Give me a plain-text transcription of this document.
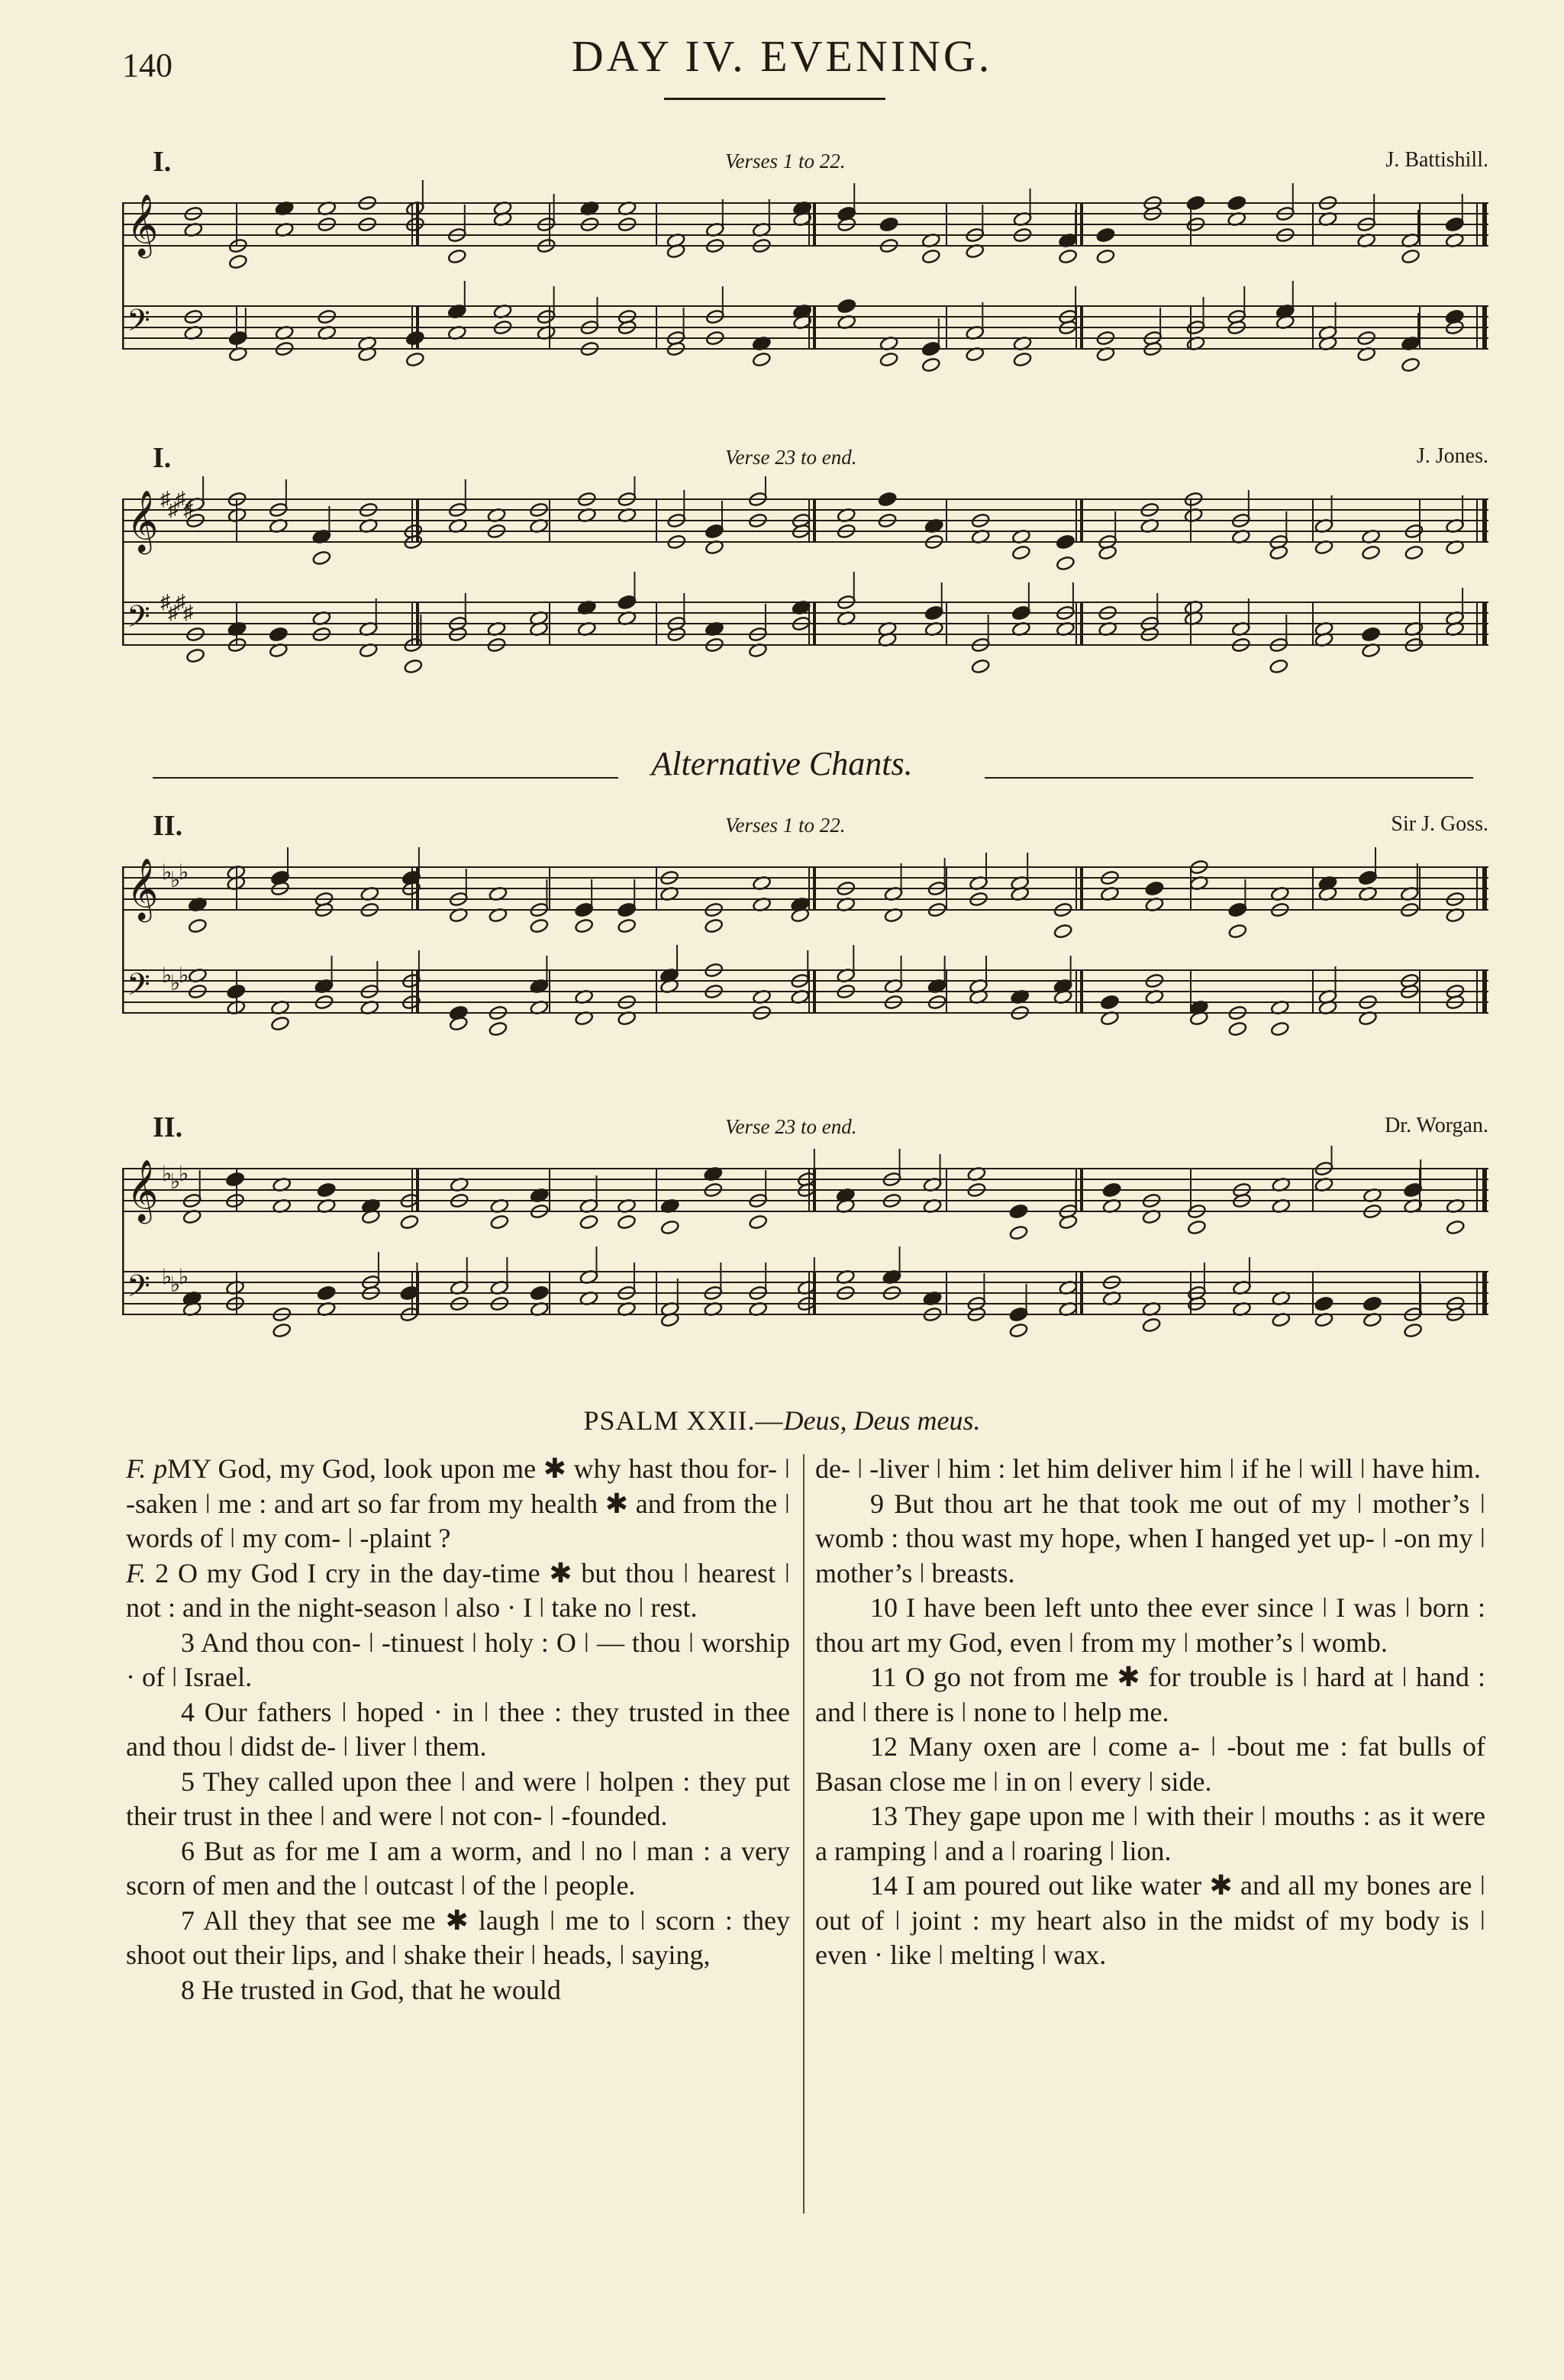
140	DAY IV. EVENING.
I.	Verses 1 to 22.	J. Battishill.
𝄞
𝄢
I.	Verse 23 to end.	J. Jones.
𝄞 ♯
♯
♯
♯
𝄢 ♯
♯
♯
♯
Alternative Chants.
II.	Verses 1 to 22.	Sir J. Goss.
𝄞 ♭
♭
♭
𝄢 ♭
♭
♭
II.	Verse 23 to end.	Dr. Worgan.
𝄞 ♭
♭
♭
𝄢 ♭
♭
♭
PSALM XXII.—Deus, Deus meus.

F. pMY God, my God, look upon me ✱ why hast thou for- ǀ -saken ǀ me : and art so far from my health ✱ and from the ǀ words of ǀ my com- ǀ -plaint ?

F. 2 O my God I cry in the day-time ✱ but thou ǀ hearest ǀ not : and in the night-season ǀ also · I ǀ take no ǀ rest.

3 And thou con- ǀ -tinuest ǀ holy : O ǀ — thou ǀ worship · of ǀ Israel.

4 Our fathers ǀ hoped · in ǀ thee : they trusted in thee and thou ǀ didst de- ǀ liver ǀ them.

5 They called upon thee ǀ and were ǀ holpen : they put their trust in thee ǀ and were ǀ not con- ǀ -founded.

6 But as for me I am a worm, and ǀ no ǀ man : a very scorn of men and the ǀ outcast ǀ of the ǀ people.

7 All they that see me ✱ laugh ǀ me to ǀ scorn : they shoot out their lips, and ǀ shake their ǀ heads, ǀ saying,

8 He trusted in God, that he would

de- ǀ -liver ǀ him : let him deliver him ǀ if he ǀ will ǀ have him.

9 But thou art he that took me out of my ǀ mother’s ǀ womb : thou wast my hope, when I hanged yet up- ǀ -on my ǀ mother’s ǀ breasts.

10 I have been left unto thee ever since ǀ I was ǀ born : thou art my God, even ǀ from my ǀ mother’s ǀ womb.

11 O go not from me ✱ for trouble is ǀ hard at ǀ hand : and ǀ there is ǀ none to ǀ help me.

12 Many oxen are ǀ come a- ǀ -bout me : fat bulls of Basan close me ǀ in on ǀ every ǀ side.

13 They gape upon me ǀ with their ǀ mouths : as it were a ramping ǀ and a ǀ roaring ǀ lion.

14 I am poured out like water ✱ and all my bones are ǀ out of ǀ joint : my heart also in the midst of my body is ǀ even · like ǀ melting ǀ wax.
